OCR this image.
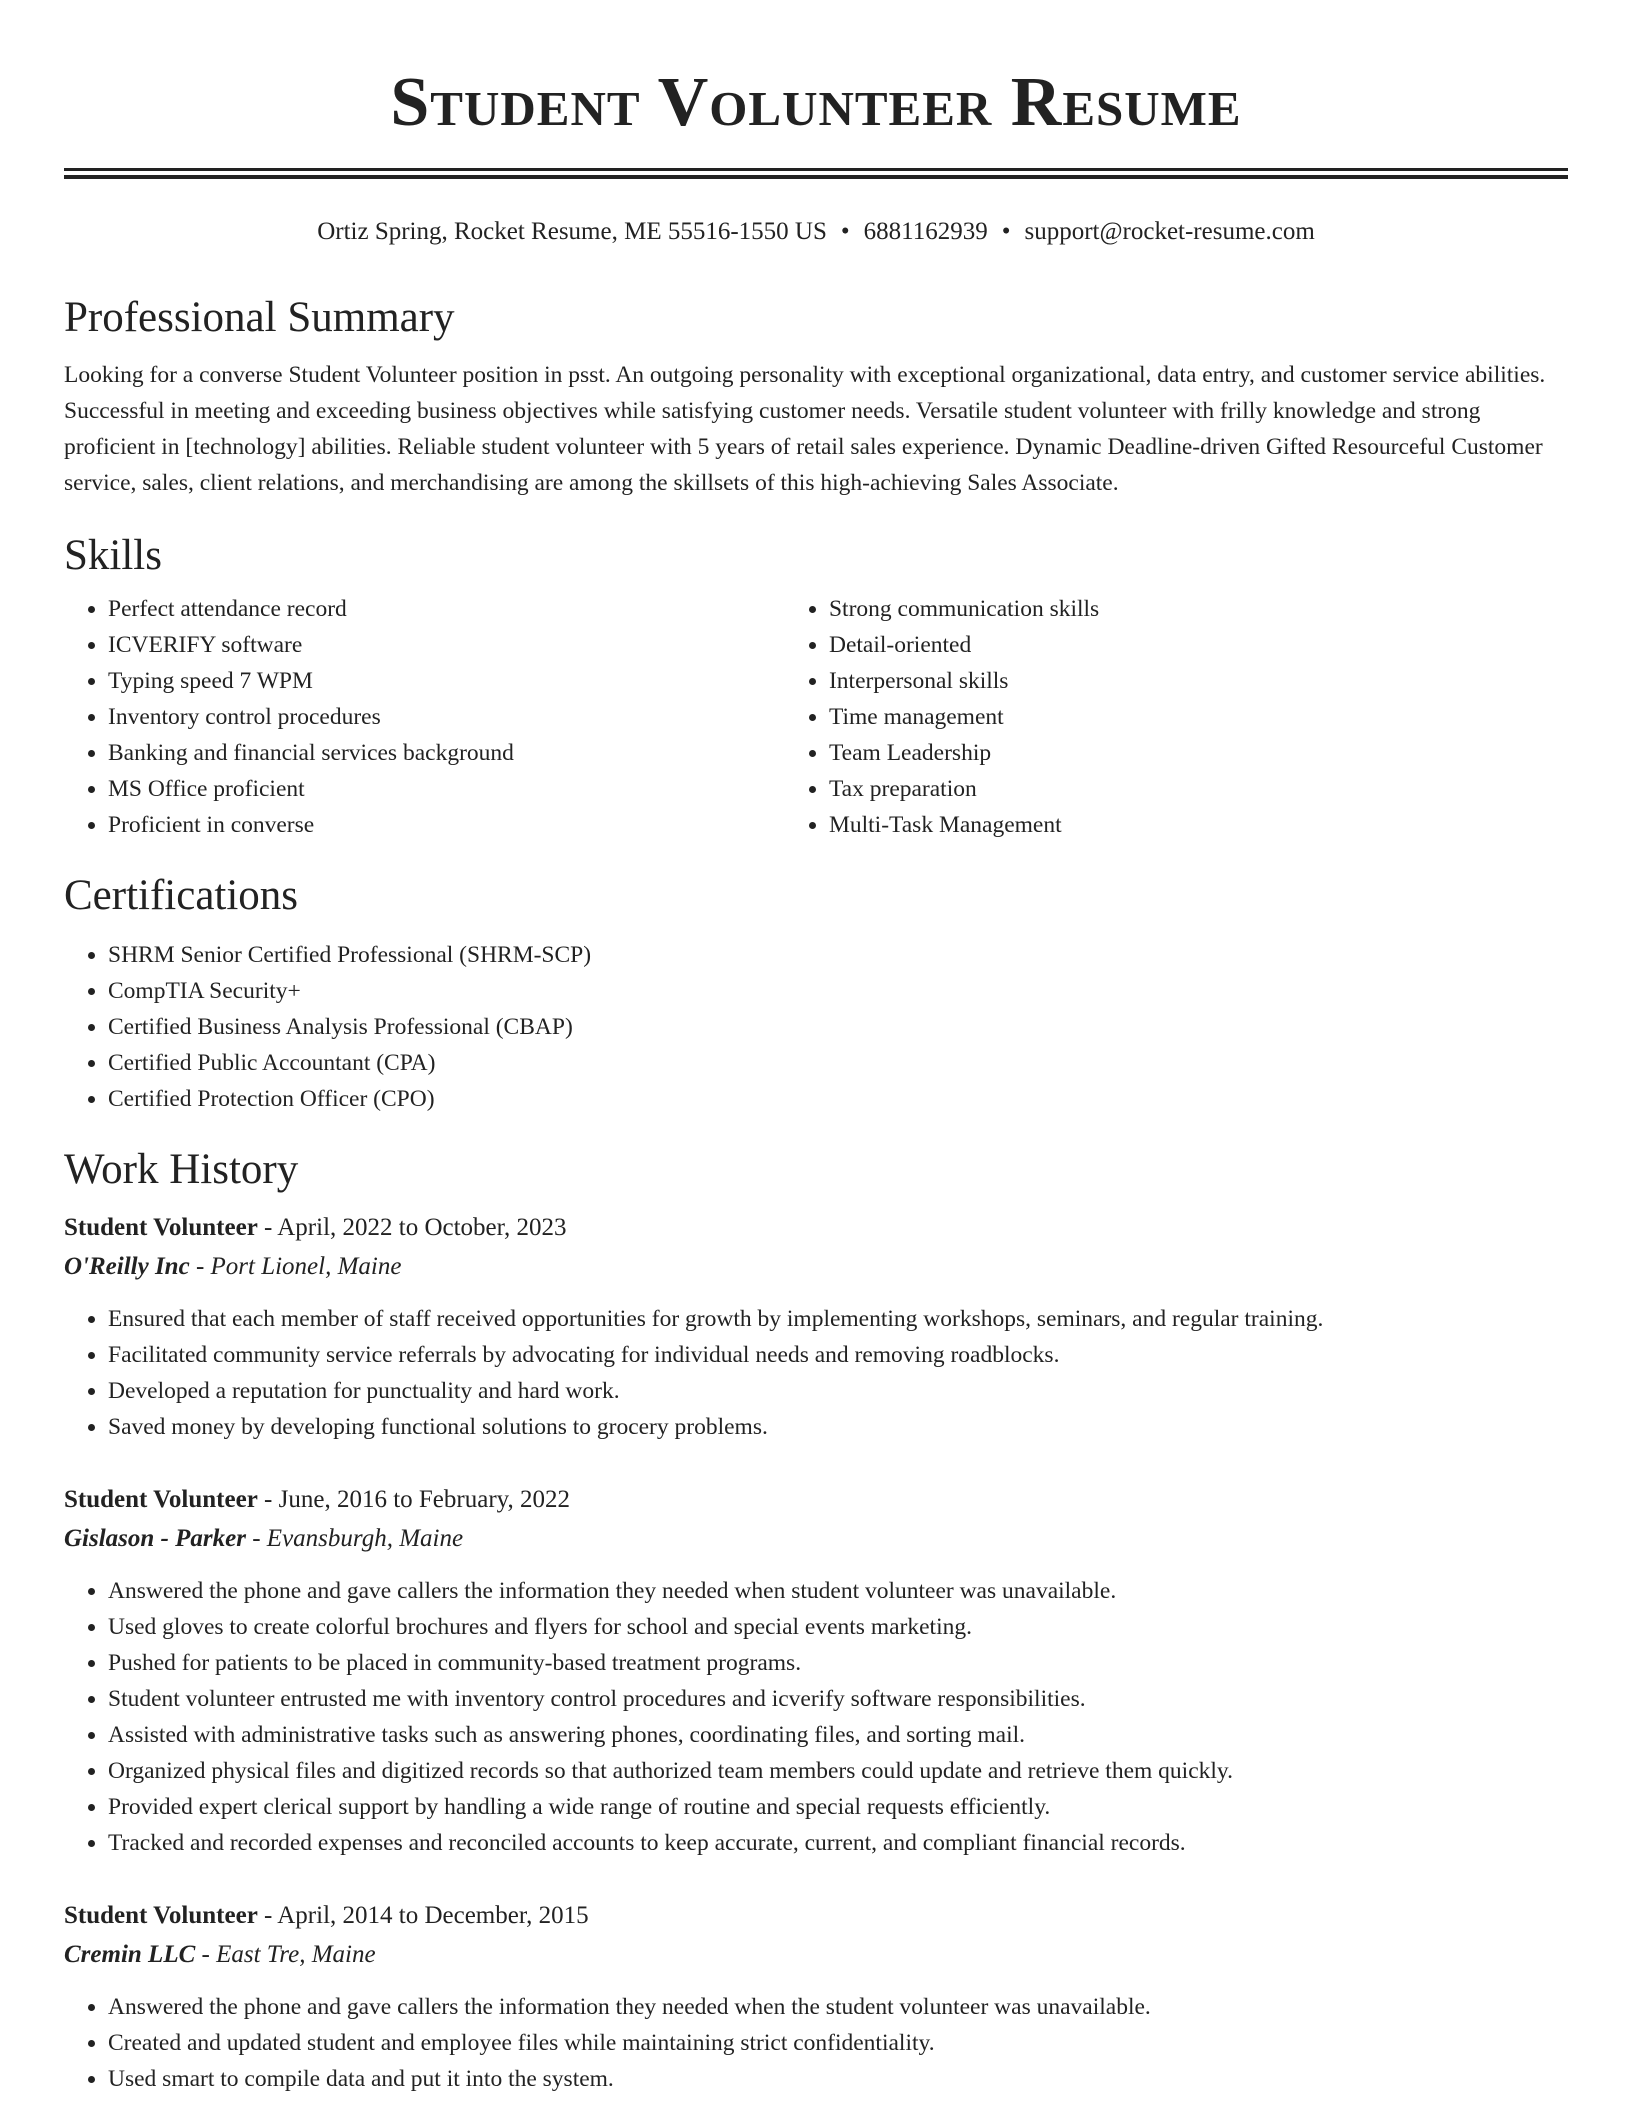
Student Volunteer Resume
Ortiz Spring, Rocket Resume, ME 55516-1550 US • 6881162939 • support@rocket-resume.com
Professional Summary

Looking for a converse Student Volunteer position in psst. An outgoing personality with exceptional organizational, data entry, and customer service abilities. Successful in meeting and exceeding business objectives while satisfying customer needs. Versatile student volunteer with frilly knowledge and strong proficient in [technology] abilities. Reliable student volunteer with 5 years of retail sales experience. Dynamic Deadline-driven Gifted Resourceful Customer service, sales, client relations, and merchandising are among the skillsets of this high-achieving Sales Associate.

Skills
• Perfect attendance record
• ICVERIFY software
• Typing speed 7 WPM
• Inventory control procedures
• Banking and financial services background
• MS Office proficient
• Proficient in converse
• Strong communication skills
• Detail-oriented
• Interpersonal skills
• Time management
• Team Leadership
• Tax preparation
• Multi-Task Management
Certifications
• SHRM Senior Certified Professional (SHRM-SCP)
• CompTIA Security+
• Certified Business Analysis Professional (CBAP)
• Certified Public Accountant (CPA)
• Certified Protection Officer (CPO)
Work History
Student Volunteer - April, 2022 to October, 2023
O'Reilly Inc - Port Lionel, Maine
• Ensured that each member of staff received opportunities for growth by implementing workshops, seminars, and regular training.
• Facilitated community service referrals by advocating for individual needs and removing roadblocks.
• Developed a reputation for punctuality and hard work.
• Saved money by developing functional solutions to grocery problems.
Student Volunteer - June, 2016 to February, 2022
Gislason - Parker - Evansburgh, Maine
• Answered the phone and gave callers the information they needed when student volunteer was unavailable.
• Used gloves to create colorful brochures and flyers for school and special events marketing.
• Pushed for patients to be placed in community-based treatment programs.
• Student volunteer entrusted me with inventory control procedures and icverify software responsibilities.
• Assisted with administrative tasks such as answering phones, coordinating files, and sorting mail.
• Organized physical files and digitized records so that authorized team members could update and retrieve them quickly.
• Provided expert clerical support by handling a wide range of routine and special requests efficiently.
• Tracked and recorded expenses and reconciled accounts to keep accurate, current, and compliant financial records.
Student Volunteer - April, 2014 to December, 2015
Cremin LLC - East Tre, Maine
• Answered the phone and gave callers the information they needed when the student volunteer was unavailable.
• Created and updated student and employee files while maintaining strict confidentiality.
• Used smart to compile data and put it into the system.
